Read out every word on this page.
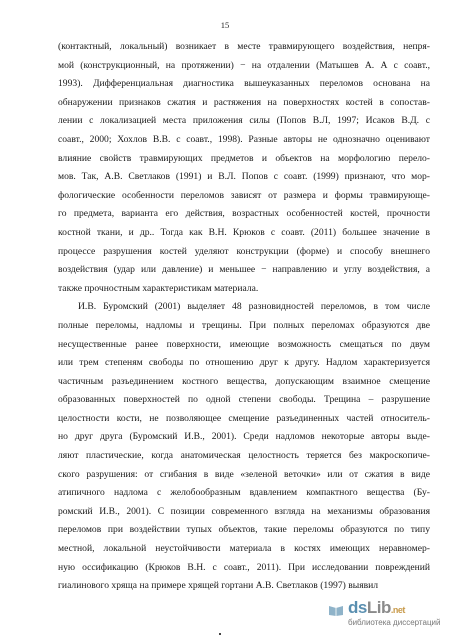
15
(контактный, локальный) возникает в месте травмирующего воздействия, непря-
мой (конструкционный, на протяжении) − на отдалении (Матышев А. А с соавт.,
1993). Дифференциальная диагностика вышеуказанных переломов основана на
обнаружении признаков сжатия и растяжения на поверхностях костей в сопостав-
лении с локализацией места приложения силы (Попов В.Л, 1997; Исаков В.Д. с
соавт., 2000; Хохлов В.В. с соавт., 1998). Разные авторы не однозначно оценивают
влияние свойств травмирующих предметов и объектов на морфологию перело-
мов. Так, А.В. Светлаков (1991) и В.Л. Попов с соавт. (1999) признают, что мор-
фологические особенности переломов зависят от размера и формы травмирующе-
го предмета, варианта его действия, возрастных особенностей костей, прочности
костной ткани, и др.. Тогда как В.Н. Крюков с соавт. (2011) большее значение в
процессе разрушения костей уделяют конструкции (форме) и способу внешнего
воздействия (удар или давление) и меньшее − направлению и углу воздействия, а
также прочностным характеристикам материала.
И.В. Буромский (2001) выделяет 48 разновидностей переломов, в том числе
полные переломы, надломы и трещины. При полных переломах образуются две
несущественные ранее поверхности, имеющие возможность смещаться по двум
или трем степеням свободы по отношению друг к другу. Надлом характеризуется
частичным разъединением костного вещества, допускающим взаимное смещение
образованных поверхностей по одной степени свободы. Трещина – разрушение
целостности кости, не позволяющее смещение разъединенных частей относитель-
но друг друга (Буромский И.В., 2001). Среди надломов некоторые авторы выде-
ляют пластические, когда анатомическая целостность теряется без макроскопиче-
ского разрушения: от сгибания в виде «зеленой веточки» или от сжатия в виде
атипичного надлома с желобообразным вдавлением компактного вещества (Бу-
ромский И.В., 2001). С позиции современного взгляда на механизмы образования
переломов при воздействии тупых объектов, такие переломы образуются по типу
местной, локальной неустойчивости материала в костях имеющих неравномер-
ную оссификацию (Крюков В.Н. с соавт., 2011). При исследовании повреждений
гиалинового хряща на примере хрящей гортани А.В. Светлаков (1997) выявил
dsLib.net
библиотека диссертаций
